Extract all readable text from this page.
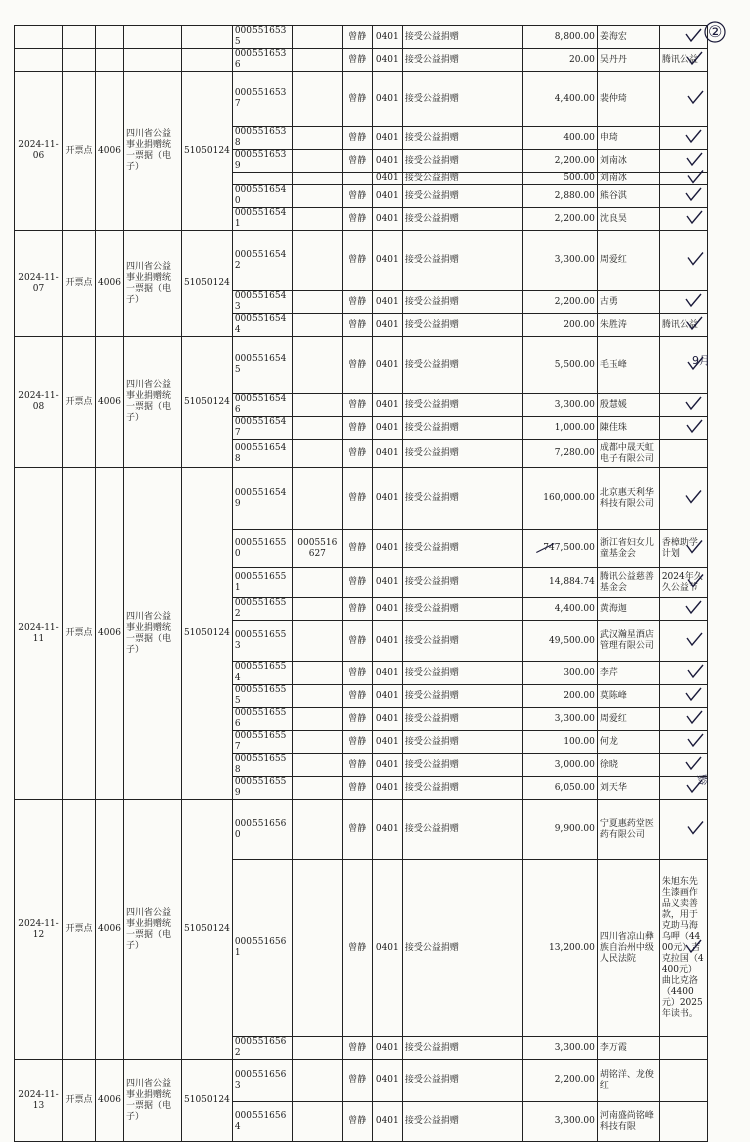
					0005516535		曾静	0401	接受公益捐赠	8,800.00	姜海宏	
					0005516536		曾静	0401	接受公益捐赠	20.00	吴丹丹	腾讯公益
2024-11-06	开票点	4006	四川省公益事业捐赠统一票据（电子）	51050124	0005516537		曾静	0401	接受公益捐赠	4,400.00	裴仲琦	
					0005516538		曾静	0401	接受公益捐赠	400.00	申琦	
					0005516539		曾静	0401	接受公益捐赠	2,200.00	刘南冰	
								0401	接受公益捐赠	500.00	刘南冰	
					0005516540		曾静	0401	接受公益捐赠	2,880.00	熊谷淇	
					0005516541		曾静	0401	接受公益捐赠	2,200.00	沈良昊	
2024-11-07	开票点	4006	四川省公益事业捐赠统一票据（电子）	51050124	0005516542		曾静	0401	接受公益捐赠	3,300.00	周爱红	
					0005516543		曾静	0401	接受公益捐赠	2,200.00	古勇	
					0005516544		曾静	0401	接受公益捐赠	200.00	朱胜涛	腾讯公益
2024-11-08	开票点	4006	四川省公益事业捐赠统一票据（电子）	51050124	0005516545		曾静	0401	接受公益捐赠	5,500.00	毛玉峰	
					0005516546		曾静	0401	接受公益捐赠	3,300.00	殷慧媛	
					0005516547		曾静	0401	接受公益捐赠	1,000.00	陳佳珠	
					0005516548		曾静	0401	接受公益捐赠	7,280.00	成都中晟天虹电子有限公司	
2024-11-11	开票点	4006	四川省公益事业捐赠统一票据（电子）	51050124	0005516549		曾静	0401	接受公益捐赠	160,000.00	北京惠天利华科技有限公司	
					0005516550	0005516627	曾静	0401	接受公益捐赠	747,500.00	浙江省妇女儿童基金会	香樟助学计划
					0005516551		曾静	0401	接受公益捐赠	14,884.74	腾讯公益慈善基金会	2024年久久公益节
					0005516552		曾静	0401	接受公益捐赠	4,400.00	黄海迦	
					0005516553		曾静	0401	接受公益捐赠	49,500.00	武汉瀚星酒店管理有限公司	
					0005516554		曾静	0401	接受公益捐赠	300.00	李芹	
					0005516555		曾静	0401	接受公益捐赠	200.00	莫陈峰	
					0005516556		曾静	0401	接受公益捐赠	3,300.00	周爱红	
					0005516557		曾静	0401	接受公益捐赠	100.00	何龙	
					0005516558		曾静	0401	接受公益捐赠	3,000.00	徐晓	
					0005516559		曾静	0401	接受公益捐赠	6,050.00	刘天华	
2024-11-12	开票点	4006	四川省公益事业捐赠统一票据（电子）	51050124	0005516560		曾静	0401	接受公益捐赠	9,900.00	宁夏惠药堂医药有限公司	
					0005516561		曾静	0401	接受公益捐赠	13,200.00	四川省凉山彝族自治州中级人民法院	朱旭东先生漆画作品义卖善款，用于克助马海乌呷（4400元）吉克拉国（4400元）曲比克洛（4400元）2025年读书。
					0005516562		曾静	0401	接受公益捐赠	3,300.00	李万霞	
2024-11-13	开票点	4006	四川省公益事业捐赠统一票据（电子）	51050124	0005516563		曾静	0401	接受公益捐赠	2,200.00	胡铭洋、龙俊红	
					0005516564		曾静	0401	接受公益捐赠	3,300.00	河南盛尚铭峰科技有限	
②
9月
黔
